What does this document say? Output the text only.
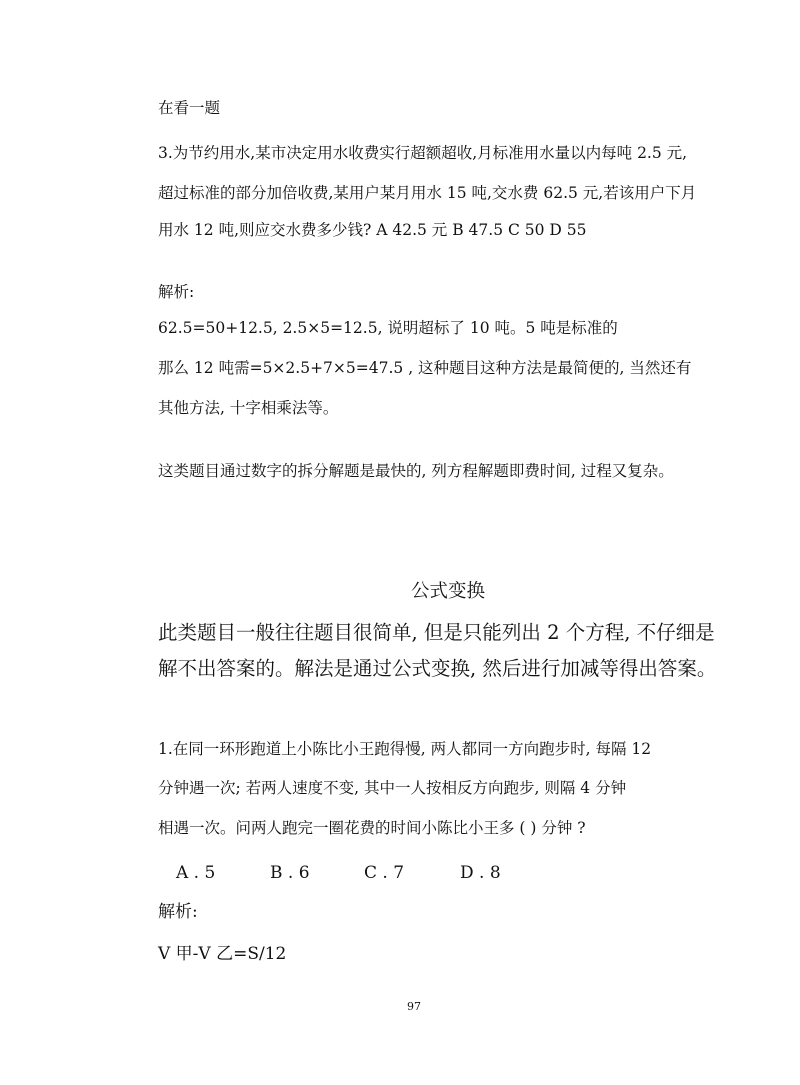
在看一题
3.为节约用水,某市决定用水收费实行超额超收,月标准用水量以内每吨 2.5 元,
超过标准的部分加倍收费,某用户某月用水 15 吨,交水费 62.5 元,若该用户下月
用水 12 吨,则应交水费多少钱? A 42.5 元 B 47.5 C 50 D 55
解析:
62.5=50+12.5, 2.5×5=12.5, 说明超标了 10 吨。5 吨是标准的
那么 12 吨需=5×2.5+7×5=47.5 , 这种题目这种方法是最简便的, 当然还有
其他方法, 十字相乘法等。
这类题目通过数字的拆分解题是最快的, 列方程解题即费时间, 过程又复杂。
公式变换
此类题目一般往往题目很简单, 但是只能列出 2 个方程, 不仔细是
解不出答案的。解法是通过公式变换, 然后进行加减等得出答案。
1.在同一环形跑道上小陈比小王跑得慢, 两人都同一方向跑步时, 每隔 12
分钟遇一次; 若两人速度不变, 其中一人按相反方向跑步, 则隔 4 分钟
相遇一次。问两人跑完一圈花费的时间小陈比小王多 ( ) 分钟 ?
A . 5	B . 6	C . 7	D . 8
解析:
V 甲-V 乙=S/12
97
